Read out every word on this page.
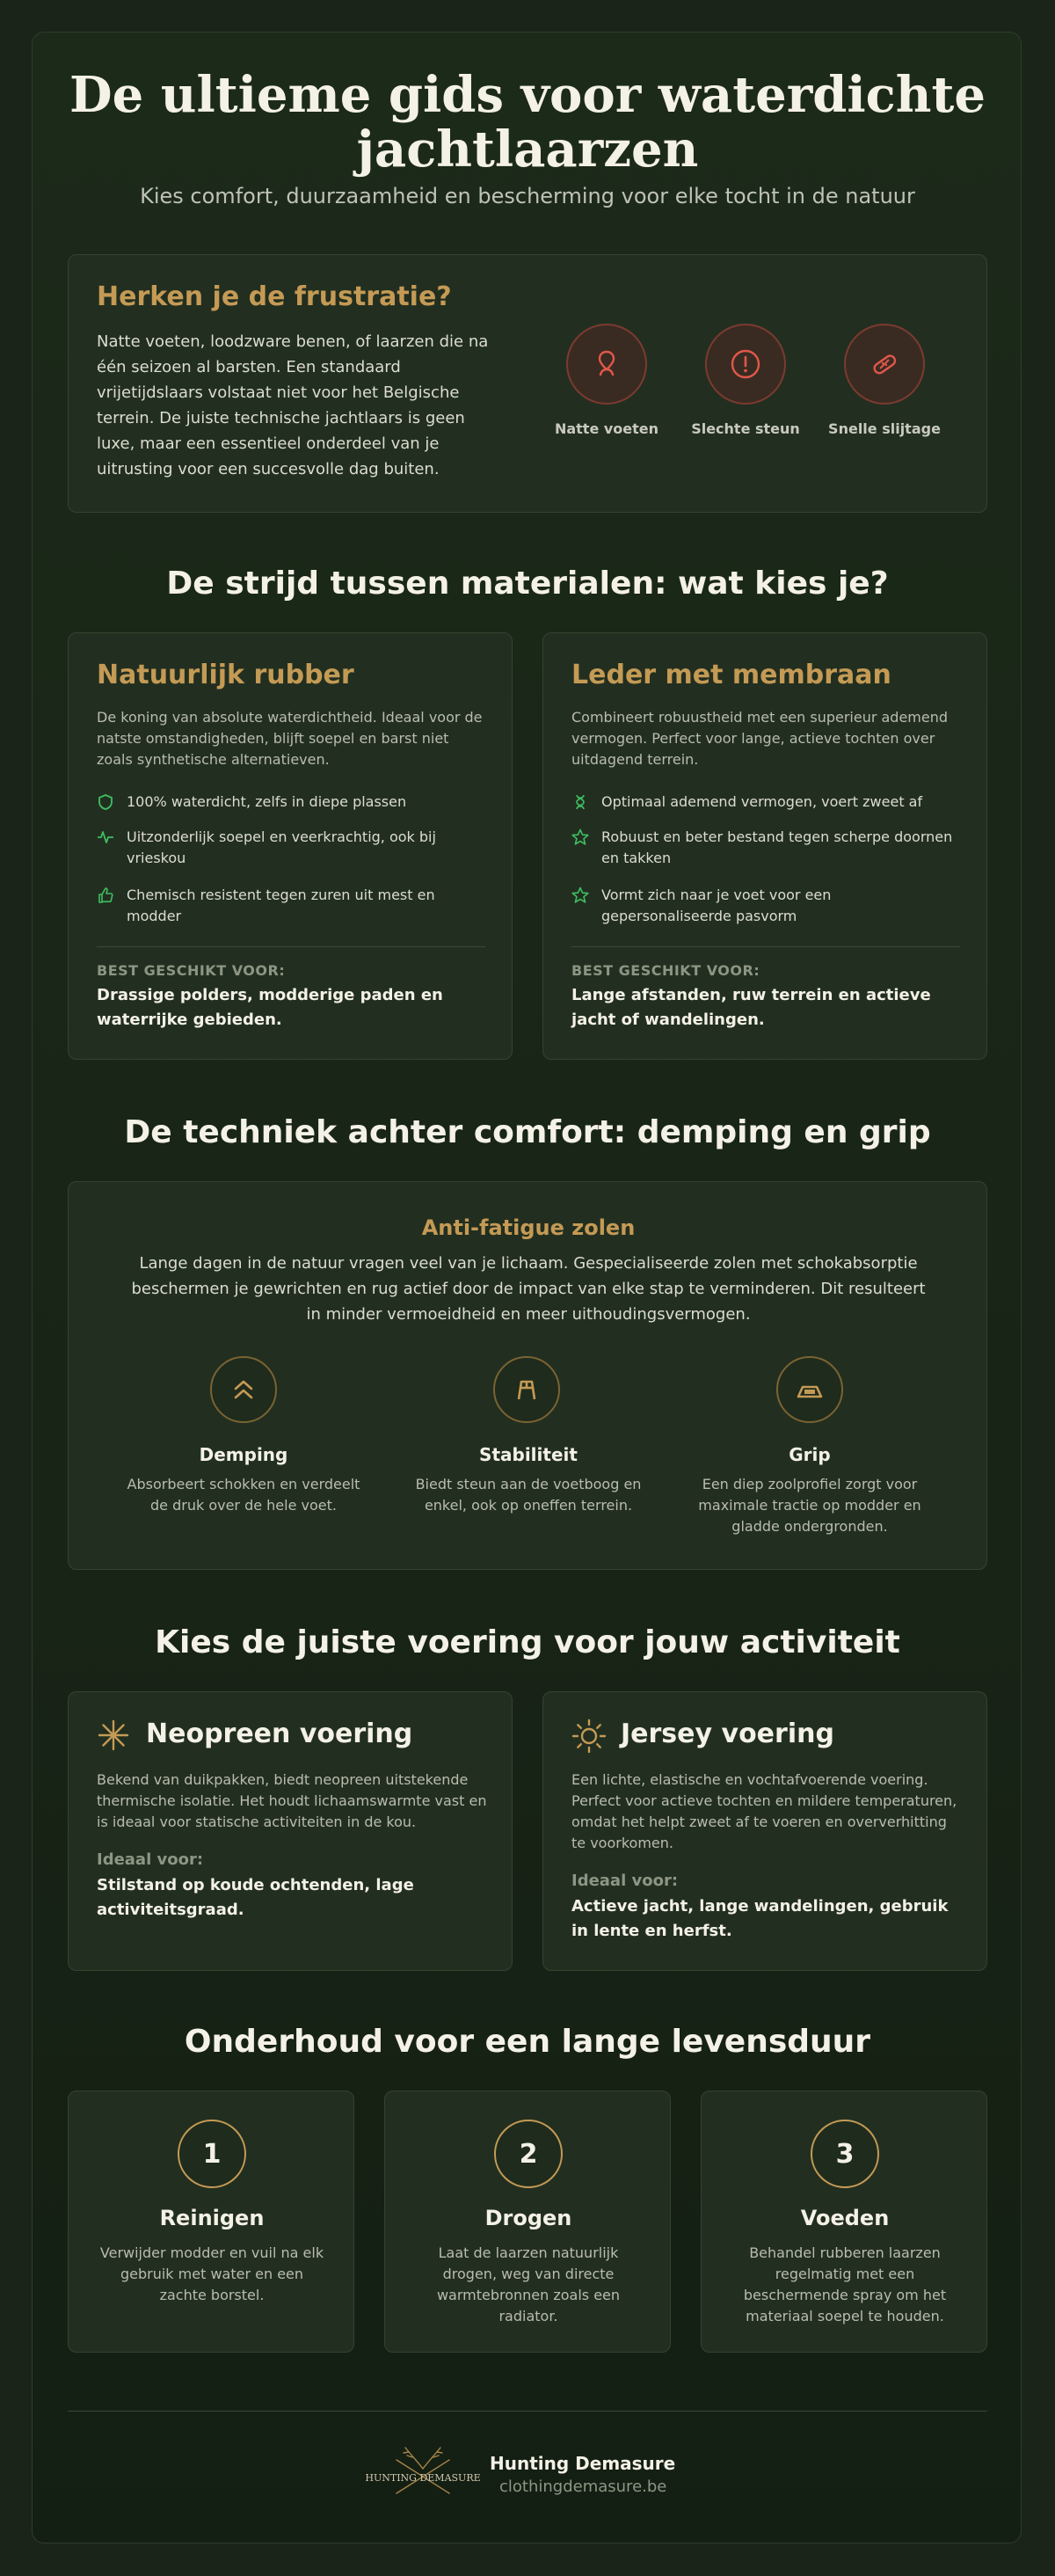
De ultieme gids voor waterdichte jachtlaarzen
Kies comfort, duurzaamheid en bescherming voor elke tocht in de natuur
Herken je de frustratie?
Natte voeten, loodzware benen, of laarzen die na één seizoen al barsten. Een standaard vrijetijdslaars volstaat niet voor het Belgische terrein. De juiste technische jachtlaars is geen luxe, maar een essentieel onderdeel van je uitrusting voor een succesvolle dag buiten.
Natte voeten	Slechte steun	Snelle slijtage
De strijd tussen materialen: wat kies je?
Natuurlijk rubber
De koning van absolute waterdichtheid. Ideaal voor de natste omstandigheden, blijft soepel en barst niet zoals synthetische alternatieven.
100% waterdicht, zelfs in diepe plassen
Uitzonderlijk soepel en veerkrachtig, ook bij vrieskou
Chemisch resistent tegen zuren uit mest en modder
BEST GESCHIKT VOOR:
Drassige polders, modderige paden en waterrijke gebieden.
Leder met membraan
Combineert robuustheid met een superieur ademend vermogen. Perfect voor lange, actieve tochten over uitdagend terrein.
Optimaal ademend vermogen, voert zweet af
Robuust en beter bestand tegen scherpe doornen en takken
Vormt zich naar je voet voor een gepersonaliseerde pasvorm
BEST GESCHIKT VOOR:
Lange afstanden, ruw terrein en actieve jacht of wandelingen.
De techniek achter comfort: demping en grip
Anti-fatigue zolen
Lange dagen in de natuur vragen veel van je lichaam. Gespecialiseerde zolen met schokabsorptie beschermen je gewrichten en rug actief door de impact van elke stap te verminderen. Dit resulteert in minder vermoeidheid en meer uithoudingsvermogen.
Demping
Absorbeert schokken en verdeelt de druk over de hele voet.
Stabiliteit
Biedt steun aan de voetboog en enkel, ook op oneffen terrein.
Grip
Een diep zoolprofiel zorgt voor maximale tractie op modder en gladde ondergronden.
Kies de juiste voering voor jouw activiteit
Neopreen voering
Bekend van duikpakken, biedt neopreen uitstekende thermische isolatie. Het houdt lichaamswarmte vast en is ideaal voor statische activiteiten in de kou.
Ideaal voor:
Stilstand op koude ochtenden, lage activiteitsgraad.
Jersey voering
Een lichte, elastische en vochtafvoerende voering. Perfect voor actieve tochten en mildere temperaturen, omdat het helpt zweet af te voeren en oververhitting te voorkomen.
Ideaal voor:
Actieve jacht, lange wandelingen, gebruik in lente en herfst.
Onderhoud voor een lange levensduur
1
Reinigen
Verwijder modder en vuil na elk gebruik met water en een zachte borstel.
2
Drogen
Laat de laarzen natuurlijk drogen, weg van directe warmtebronnen zoals een radiator.
3
Voeden
Behandel rubberen laarzen regelmatig met een beschermende spray om het materiaal soepel te houden.
HUNTING DEMASURE
Hunting Demasure
clothingdemasure.be
